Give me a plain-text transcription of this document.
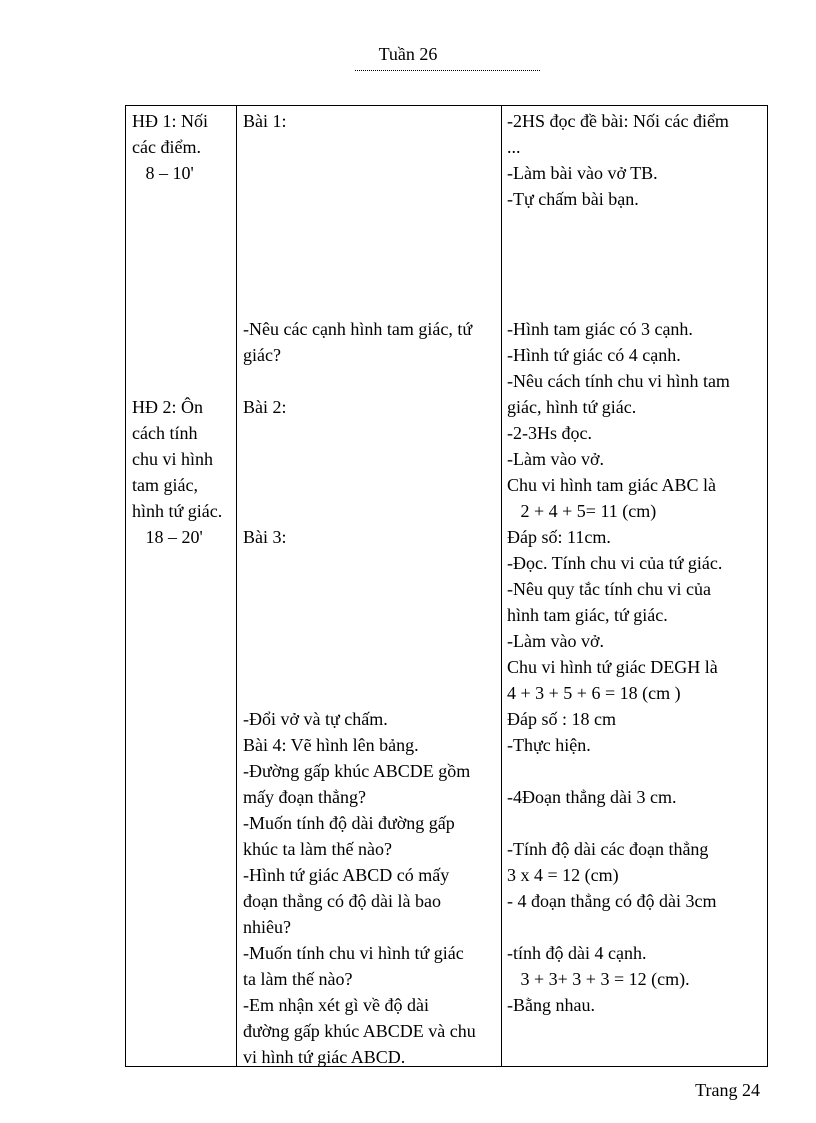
Tuần 26
HĐ 1: Nối
các điểm.
8 – 10'
HĐ 2: Ôn
cách tính
chu vi hình
tam giác,
hình tứ giác.
18 – 20'
Bài 1:
-Nêu các cạnh hình tam giác, tứ
giác?
Bài 2:
Bài 3:
-Đổi vở và tự chấm.
Bài 4: Vẽ hình lên bảng.
-Đường gấp khúc ABCDE gồm
mấy đoạn thẳng?
-Muốn tính độ dài đường gấp
khúc ta làm thế nào?
-Hình tứ giác ABCD có mấy
đoạn thẳng có độ dài là bao
nhiêu?
-Muốn tính chu vi hình tứ giác
ta làm thế nào?
-Em nhận xét gì về độ dài
đường gấp khúc ABCDE và chu
vi hình tứ giác ABCD.
-2HS đọc đề bài: Nối các điểm
...
-Làm bài vào vở TB.
-Tự chấm bài bạn.
-Hình tam giác có 3 cạnh.
-Hình tứ giác có 4 cạnh.
-Nêu cách tính chu vi hình tam
giác, hình tứ giác.
-2-3Hs đọc.
-Làm vào vở.
Chu vi hình tam giác ABC là
2 + 4 + 5= 11 (cm)
Đáp số: 11cm.
-Đọc. Tính chu vi của tứ giác.
-Nêu quy tắc tính chu vi của
hình tam giác, tứ giác.
-Làm vào vở.
Chu vi hình tứ giác DEGH là
4 + 3 + 5 + 6 = 18 (cm )
Đáp số : 18 cm
-Thực hiện.
-4Đoạn thẳng dài 3 cm.
-Tính độ dài các đoạn thẳng
3 x 4 = 12 (cm)
- 4 đoạn thẳng có độ dài 3cm
-tính độ dài 4 cạnh.
3 + 3+ 3 + 3 = 12 (cm).
-Bằng nhau.
Trang 24
